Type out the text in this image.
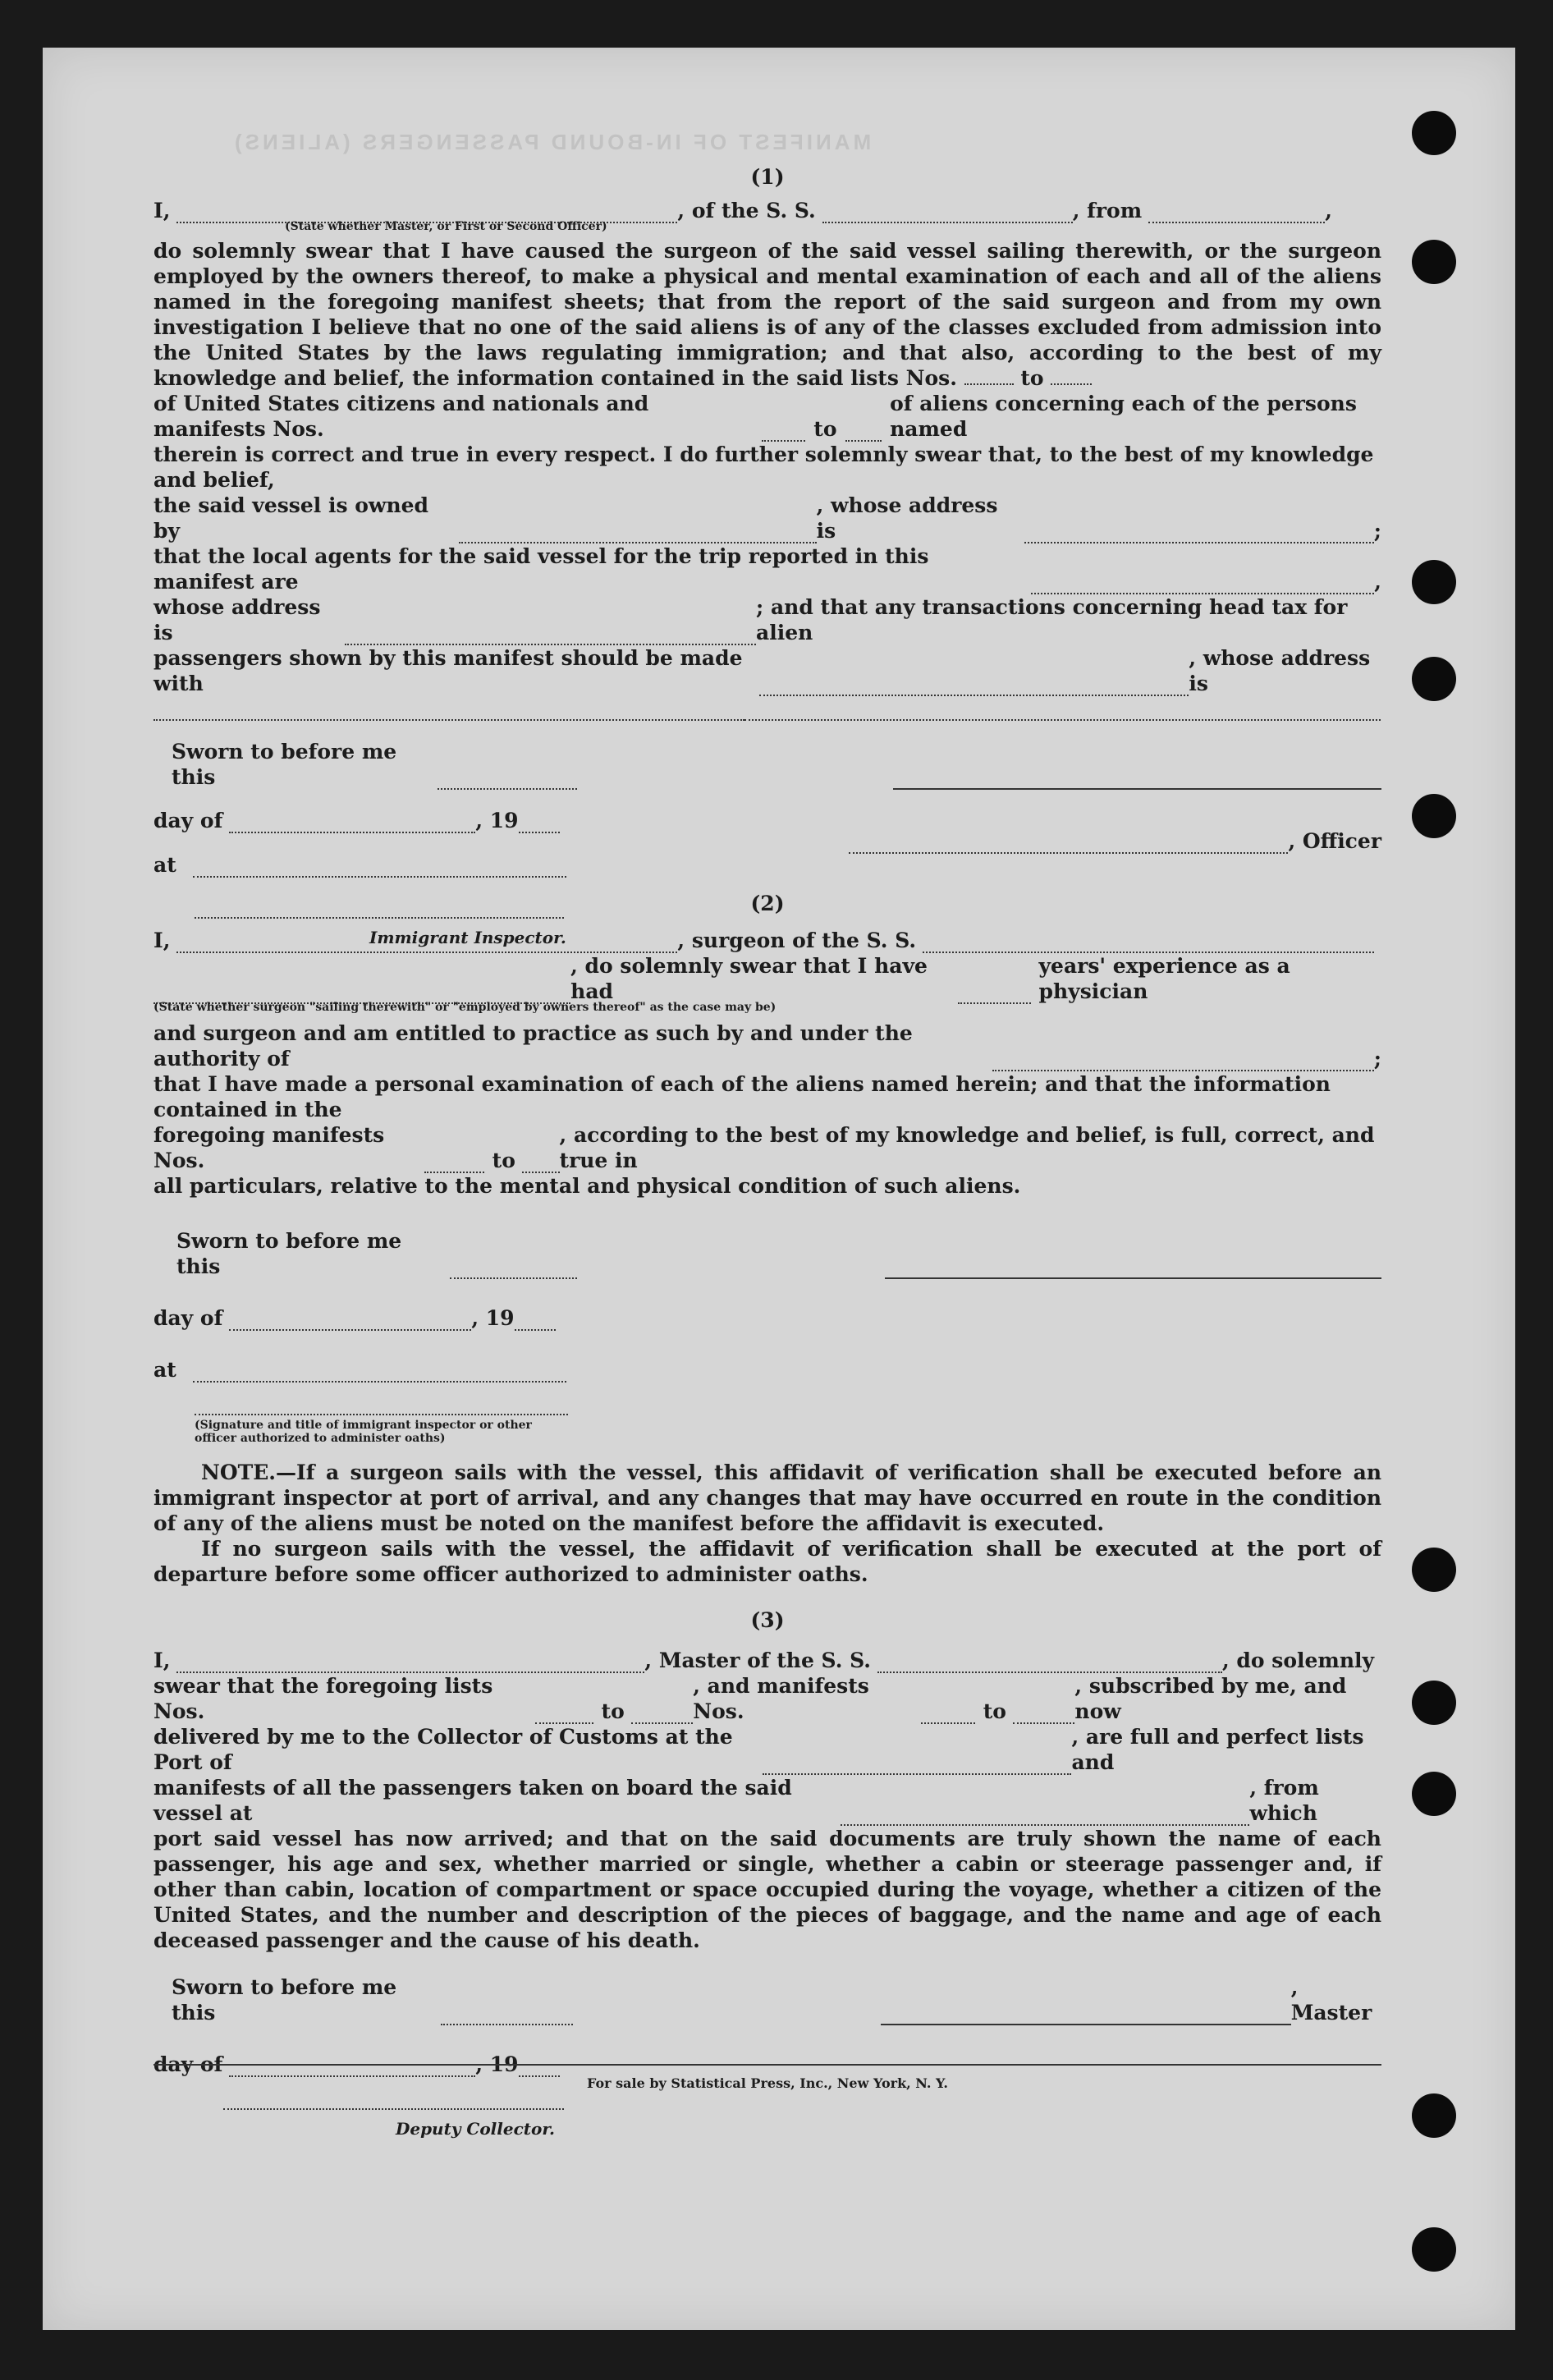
MANIFEST OF IN-BOUND PASSENGERS (ALIENS)
(1)
I,	, of the S. S.	, from	,
(State whether Master, or First or Second Officer)

do solemnly swear that I have caused the surgeon of the said vessel sailing therewith, or the surgeon employed by the owners thereof, to make a physical and mental examination of each and all of the aliens named in the foregoing manifest sheets; that from the report of the said surgeon and from my own investigation I believe that no one of the said aliens is of any of the classes excluded from admission into the United States by the laws regulating immigration; and that also, according to the best of my knowledge and belief, the information contained in the said lists Nos.	to

of United States citizens and nationals and manifests Nos.	to
of aliens concerning each of the persons named
therein is correct and true in every respect. I do further solemnly swear that, to the best of my knowledge and belief,
the said vessel is owned by
, whose address is	;
that the local agents for the said vessel for the trip reported in this manifest are	,
whose address is
; and that any transactions concerning head tax for alien
passengers shown by this manifest should be made with
, whose address is
Sworn to before me this
day of	, 19
, Officer
at
Immigrant Inspector.
(2)
I,	, surgeon of the S. S.
, do solemnly swear that I have had
years' experience as a physician
(State whether surgeon "sailing therewith" or "employed by owners thereof" as the case may be)
and surgeon and am entitled to practice as such by and under the authority of	;
that I have made a personal examination of each of the aliens named herein; and that the information contained in the
foregoing manifests Nos.	to
, according to the best of my knowledge and belief, is full, correct, and true in
all particulars, relative to the mental and physical condition of such aliens.
Sworn to before me this
day of	, 19
at
(Signature and title of immigrant inspector or other officer authorized to administer oaths)

NOTE.—If a surgeon sails with the vessel, this affidavit of verification shall be executed before an immigrant inspector at port of arrival, and any changes that may have occurred en route in the condition of any of the aliens must be noted on the manifest before the affidavit is executed.

If no surgeon sails with the vessel, the affidavit of verification shall be executed at the port of departure before some officer authorized to administer oaths.

(3)
I,	, Master of the S. S.	, do solemnly
swear that the foregoing lists Nos.	to
, and manifests Nos.	to
, subscribed by me, and now
delivered by me to the Collector of Customs at the Port of
, are full and perfect lists and
manifests of all the passengers taken on board the said vessel at
, from which

port said vessel has now arrived; and that on the said documents are truly shown the name of each passenger, his age and sex, whether married or single, whether a cabin or steerage passenger and, if other than cabin, location of compartment or space occupied during the voyage, whether a citizen of the United States, and the number and description of the pieces of baggage, and the name and age of each deceased passenger and the cause of his death.

Sworn to before me this
, Master
day of	, 19
Deputy Collector.
For sale by Statistical Press, Inc., New York, N. Y.
